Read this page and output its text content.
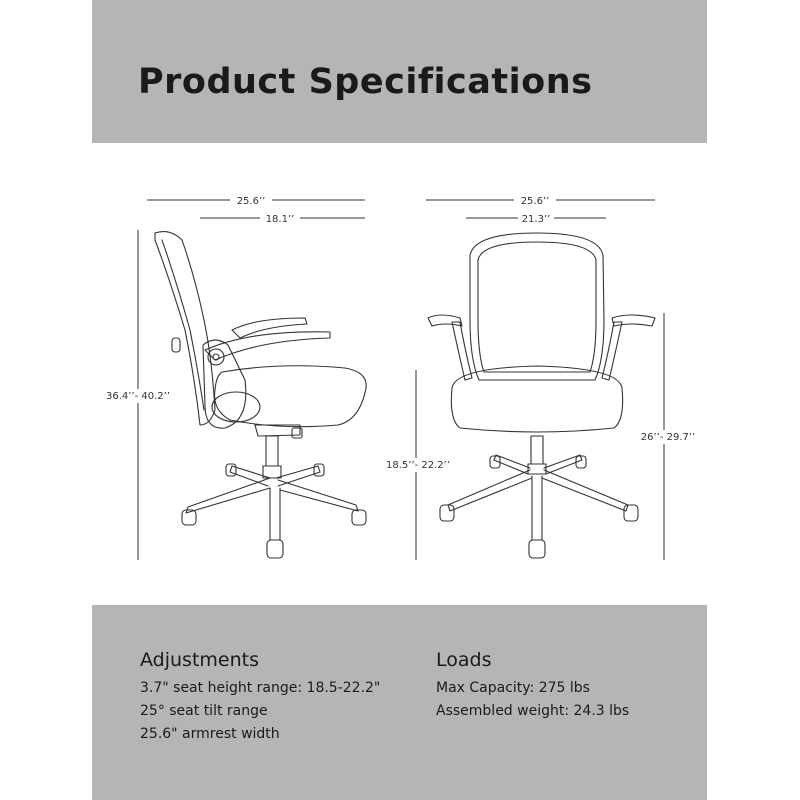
Product Specifications
25.6’’
18.1’’
36.4’’- 40.2’’
25.6’’
21.3’’
18.5’’- 22.2’’
26’’- 29.7’’
Adjustments
3.7" seat height range: 18.5-22.2"
25° seat tilt range
25.6" armrest width
Loads
Max Capacity: 275 lbs
Assembled weight: 24.3 lbs
